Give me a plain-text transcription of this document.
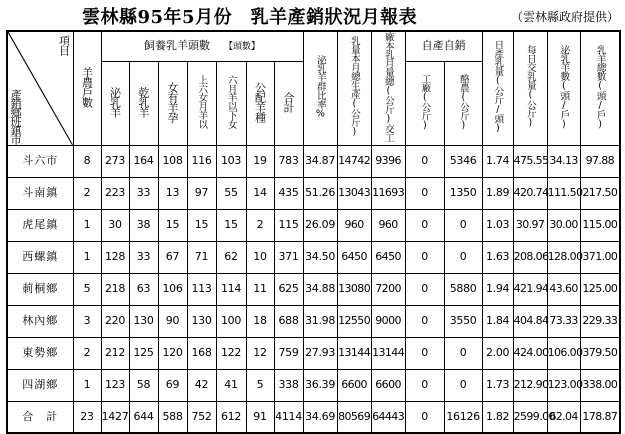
雲林縣95年5月份　乳羊產銷狀況月報表	（雲林縣政府提供）
項目
產銷鄉
班鎮市	羊農戶數	飼養乳羊頭數 【頭數】							泌乳羊群比率%	乳量本月總生產(公斤)	廠本乳月量總(公斤)交工	自產自銷		日產乳量(公斤/頭)	每日交乳量(公斤)	泌乳羊數(頭/戶)	乳羊總數(頭/戶)
		泌乳羊	乾乳羊	女有羊孕	上六女月羊以	六月羊以下女	公配羊種	合計				工廠(公斤)	酪農(公斤)				
斗六市	8	273	164	108	116	103	19	783	34.87	14742	9396	0	5346	1.74	475.55	34.13	97.88
斗南鎮	2	223	33	13	97	55	14	435	51.26	13043	11693	0	1350	1.89	420.74	111.50	217.50
虎尾鎮	1	30	38	15	15	15	2	115	26.09	960	960	0	0	1.03	30.97	30.00	115.00
西螺鎮	1	128	33	67	71	62	10	371	34.50	6450	6450	0	0	1.63	208.06	128.00	371.00
莿桐鄉	5	218	63	106	113	114	11	625	34.88	13080	7200	0	5880	1.94	421.94	43.60	125.00
林內鄉	3	220	130	90	130	100	18	688	31.98	12550	9000	0	3550	1.84	404.84	73.33	229.33
東勢鄉	2	212	125	120	168	122	12	759	27.93	13144	13144	0	0	2.00	424.00	106.00	379.50
四湖鄉	1	123	58	69	42	41	5	338	36.39	6600	6600	0	0	1.73	212.90	123.00	338.00
合　計	23	1427	644	588	752	612	91	4114	34.69	80569	64443	0	16126	1.82	2599.00	62.04	178.87
